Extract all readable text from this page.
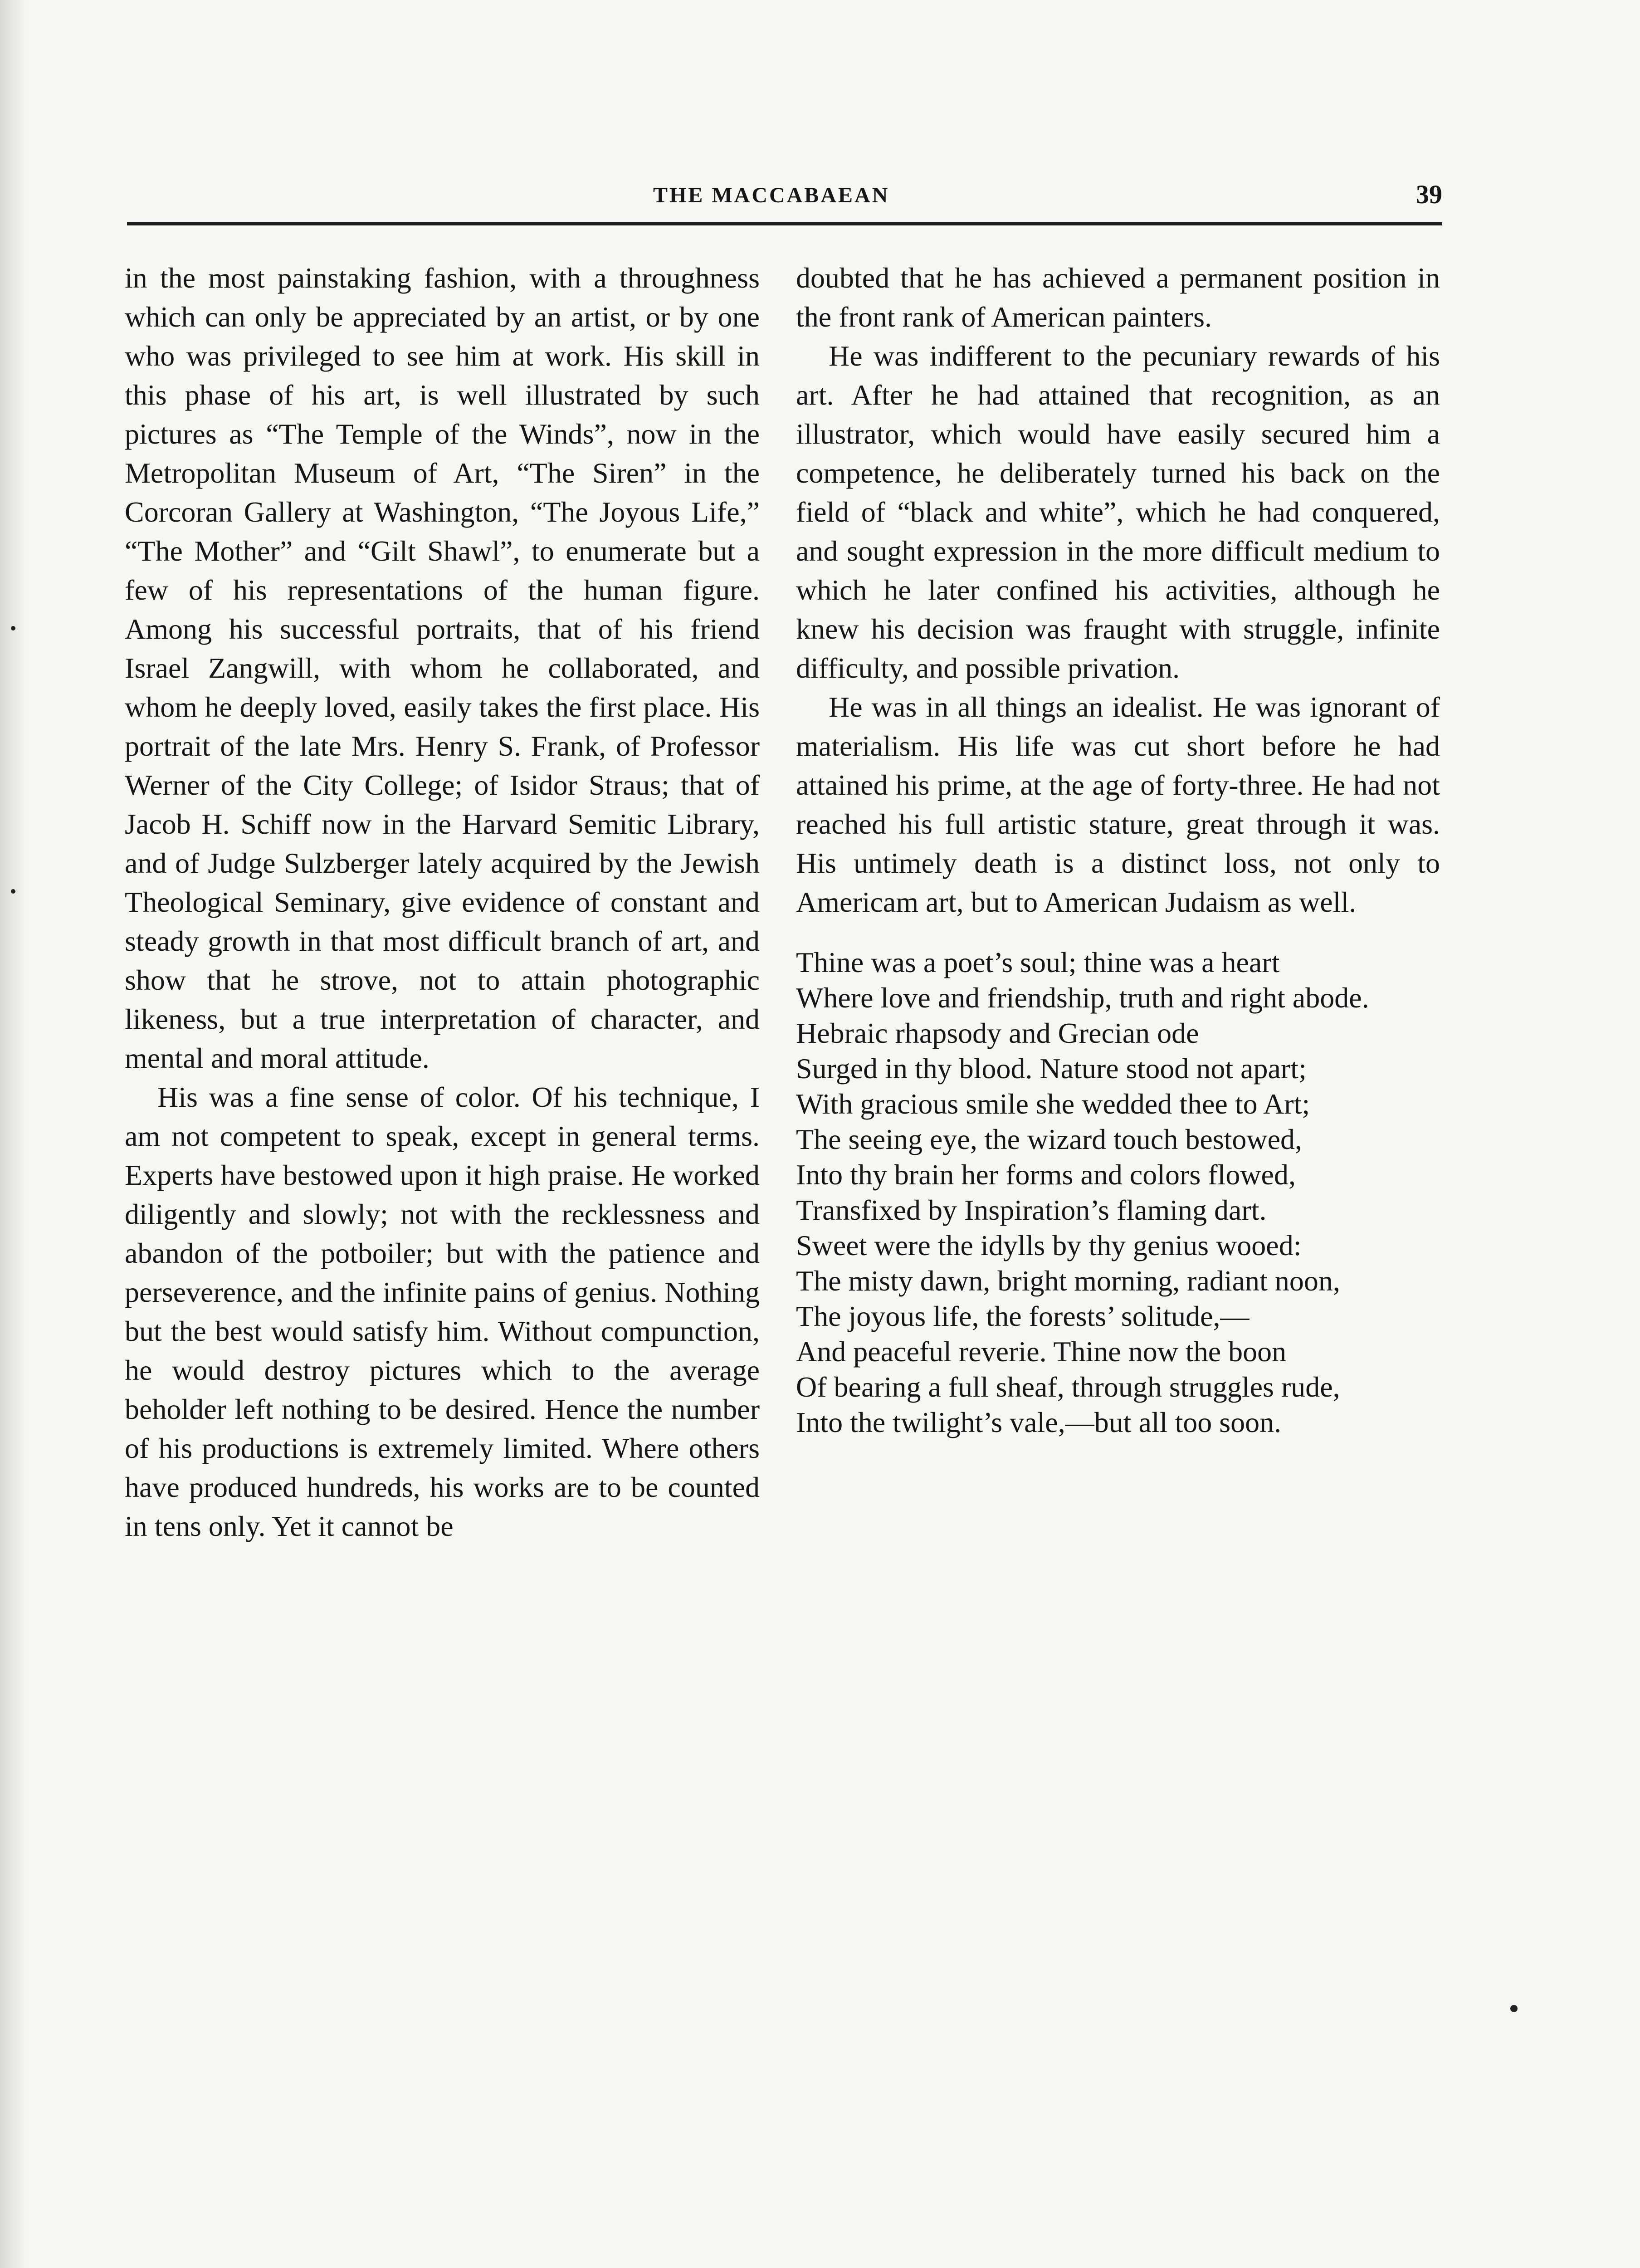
THE MACCABAEAN	39

in the most painstaking fashion, with a throughness which can only be appreciated by an artist, or by one who was privileged to see him at work. His skill in this phase of his art, is well illustrated by such pictures as “The Temple of the Winds”, now in the Metropolitan Museum of Art, “The Siren” in the Corcoran Gallery at Washington, “The Joyous Life,” “The Mother” and “Gilt Shawl”, to enumerate but a few of his representations of the human figure. Among his successful portraits, that of his friend Israel Zangwill, with whom he collaborated, and whom he deeply loved, easily takes the first place. His portrait of the late Mrs. Henry S. Frank, of Professor Werner of the City College; of Isidor Straus; that of Jacob H. Schiff now in the Harvard Semitic Library, and of Judge Sulzberger lately acquired by the Jewish Theological Seminary, give evidence of constant and steady growth in that most difficult branch of art, and show that he strove, not to attain photographic likeness, but a true interpretation of character, and mental and moral attitude.

His was a fine sense of color. Of his technique, I am not competent to speak, except in general terms. Experts have bestowed upon it high praise. He worked diligently and slowly; not with the recklessness and abandon of the potboiler; but with the patience and perseverence, and the infinite pains of genius. Nothing but the best would satisfy him. Without compunction, he would destroy pictures which to the average beholder left nothing to be desired. Hence the number of his productions is extremely limited. Where others have produced hundreds, his works are to be counted in tens only. Yet it cannot be

doubted that he has achieved a permanent position in the front rank of American painters.

He was indifferent to the pecuniary rewards of his art. After he had attained that recognition, as an illustrator, which would have easily secured him a competence, he deliberately turned his back on the field of “black and white”, which he had conquered, and sought expression in the more difficult medium to which he later confined his activities, although he knew his decision was fraught with struggle, infinite difficulty, and possible privation.

He was in all things an idealist. He was ignorant of materialism. His life was cut short before he had attained his prime, at the age of forty-three. He had not reached his full artistic stature, great through it was. His untimely death is a distinct loss, not only to Americam art, but to American Judaism as well.

Thine was a poet’s soul; thine was a heart
Where love and friendship, truth and right abode.
Hebraic rhapsody and Grecian ode
Surged in thy blood. Nature stood not apart;
With gracious smile she wedded thee to Art;
The seeing eye, the wizard touch bestowed,
Into thy brain her forms and colors flowed,
Transfixed by Inspiration’s flaming dart.
Sweet were the idylls by thy genius wooed:
The misty dawn, bright morning, radiant noon,
The joyous life, the forests’ solitude,—
And peaceful reverie. Thine now the boon
Of bearing a full sheaf, through struggles rude,
Into the twilight’s vale,—but all too soon.
